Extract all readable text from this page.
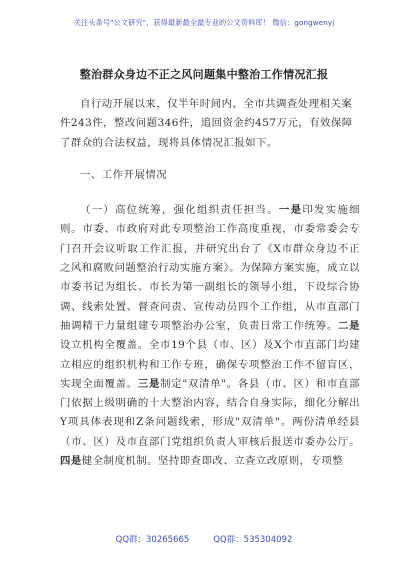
关注头条号"公文研究"，获得最新最全最专业的公文资料库！ 微信：gongwenyj
整治群众身边不正之风问题集中整治工作情况汇报

自行动开展以来，仅半年时间内，全市共调查处理相关案件243件，整改问题346件，追回资金约457万元，有效保障了群众的合法权益，现将具体情况汇报如下。

一、工作开展情况

（一）高位统筹，强化组织责任担当。一是印发实施细则。市委、市政府对此专项整治工作高度重视，市委常委会专门召开会议听取工作汇报，并研究出台了《X市群众身边不正之风和腐败问题整治行动实施方案》。为保障方案实施，成立以市委书记为组长、市长为第一副组长的领导小组，下设综合协调、线索处置、督查问责、宣传动员四个工作组，从市直部门抽调精干力量组建专项整治办公室，负责日常工作统筹。二是设立机构全覆盖。全市19个县（市、区）及X个市直部门均建立相应的组织机构和工作专班，确保专项整治工作不留盲区，实现全面覆盖。三是制定"双清单"。各县（市、区）和市直部门依据上级明确的十大整治内容，结合自身实际，细化分解出Y项具体表现和Z条问题线索，形成"双清单"。两份清单经县（市、区）及市直部门党组织负责人审核后报送市委办公厅。四是健全制度机制。坚持即查即改、立查立改原则，专项整

QQ群：30265665	QQ群：535304092
